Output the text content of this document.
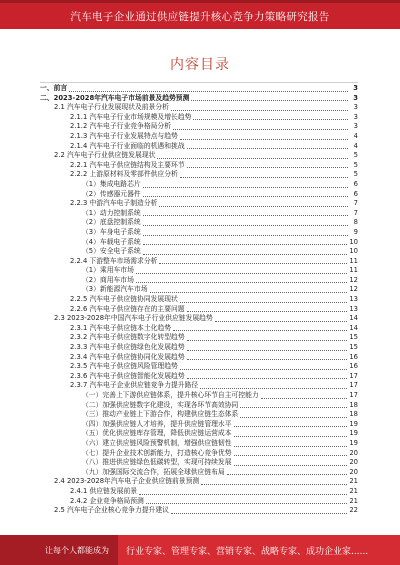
汽车电子企业通过供应链提升核心竞争力策略研究报告
内容目录
一、前言	3
二、2023-2028年汽车电子市场前景及趋势预测	3
2.1 汽车电子行业发展现状及前景分析	3
2.1.1 汽车电子行业市场规模及增长趋势	3
2.1.2 汽车电子行业竞争格局分析	3
2.1.3 汽车电子行业发展特点与趋势	4
2.1.4 汽车电子行业面临的机遇和挑战	4
2.2 汽车电子行业供应链发展现状	5
2.2.1 汽车电子供应链结构及主要环节	5
2.2.2 上游原材料及零部件供应分析	5
（1）集成电路芯片	6
（2）传感器元器件	6
2.2.3 中游汽车电子制造分析	7
（1）动力控制系统	7
（2）底盘控制系统	8
（3）车身电子系统	9
（4）车载电子系统	10
（5）安全电子系统	10
2.2.4 下游整车市场需求分析	11
（1）乘用车市场	11
（2）商用车市场	12
（3）新能源汽车市场	12
2.2.5 汽车电子供应链协同发展现状	13
2.2.6 汽车电子供应链存在的主要问题	13
2.3 2023-2028年中国汽车电子行业供应链发展趋势	14
2.3.1 汽车电子供应链本土化趋势	14
2.3.2 汽车电子供应链数字化转型趋势	15
2.3.3 汽车电子供应链绿色化发展趋势	15
2.3.4 汽车电子供应链协同化发展趋势	16
2.3.5 汽车电子供应链风险管理趋势	16
2.3.6 汽车电子供应链智能化发展趋势	17
2.3.7 汽车电子企业供应链竞争力提升路径	17
（一）完善上下游供应链体系，提升核心环节自主可控能力	17
（二）加强供应链数字化建设，实现各环节高效协同	18
（三）推动产业链上下游合作，构建供应链生态体系	18
（四）加强供应链人才培养，提升供应链管理水平	19
（五）优化供应链库存管理，降低供应链运营成本	19
（六）建立供应链风险预警机制，增强供应链韧性	19
（七）提升企业技术创新能力，打造核心竞争优势	20
（八）推进供应链绿色低碳转型，实现可持续发展	20
（九）加强国际交流合作，拓展全球供应链布局	20
2.4 2023-2028年汽车电子企业供应链前景预测	21
2.4.1 供应链发展前景	21
2.4.2 企业竞争格局预测	21
2.5 汽车电子企业核心竞争力提升建议	22
让每个人都能成为	行业专家、管理专家、营销专家、战略专家、成功企业家......
